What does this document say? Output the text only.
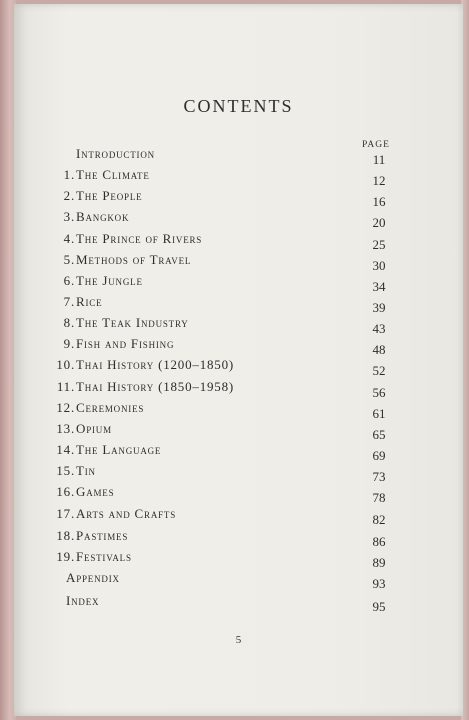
CONTENTS
PAGE
Introduction	11
1. The Climate	12
2. The People	16
3. Bangkok	20
4. The Prince of Rivers	25
5. Methods of Travel	30
6. The Jungle	34
7. Rice	39
8. The Teak Industry	43
9. Fish and Fishing	48
10. Thai History (1200–1850)	52
11. Thai History (1850–1958)	56
12. Ceremonies	61
13. Opium	65
14. The Language	69
15. Tin	73
16. Games	78
17. Arts and Crafts	82
18. Pastimes	86
19. Festivals	89
Appendix	93
Index	95
5
